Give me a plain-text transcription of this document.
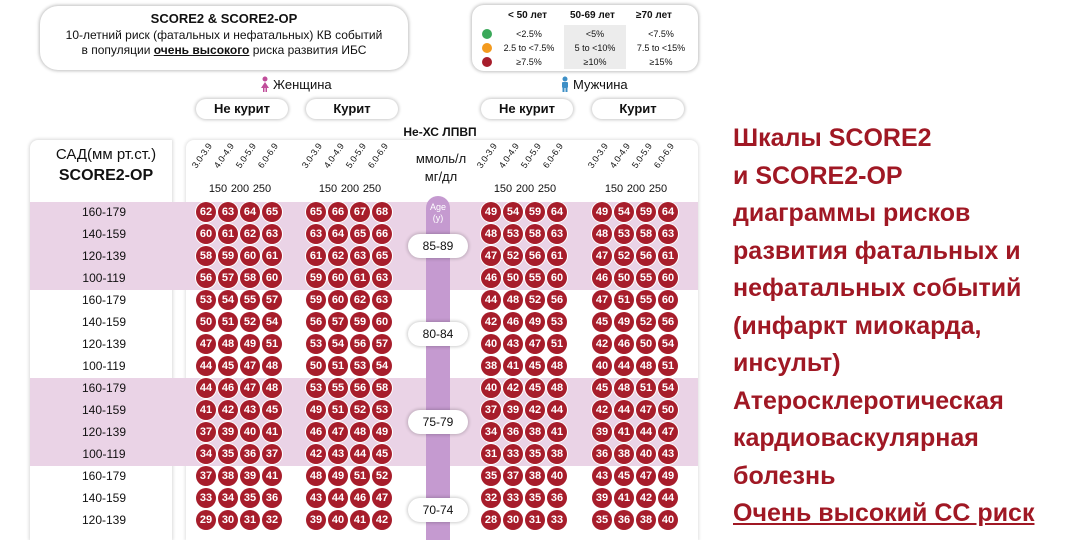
SCORE2 & SCORE2-OP
10-летний риск (фатальных и нефатальных) КВ событий
в популяции очень высокого риска развития ИБС
< 50 лет 50-69 лет ≥70 лет
<2.5%	<5%	<7.5%
2.5 to <7.5%	5 to <10%	7.5 to <15%
≥7.5%	≥10%	≥15%
Женщина	Мужчина
Не курит	Курит	Не курит	Курит
Не-ХС ЛПВП
Age (y)
САД(мм рт.ст.)
SCORE2-OP
ммоль/л
мг/дл
3.0-3.9
4.0-4.9
5.0-5.9
6.0-6.9
150 200 250
3.0-3.9
4.0-4.9
5.0-5.9
6.0-6.9
150 200 250
3.0-3.9
4.0-4.9
5.0-5.9
6.0-6.9
150 200 250
3.0-3.9
4.0-4.9
5.0-5.9
6.0-6.9
150 200 250
160-179	62 63 64 65	65 66 67 68	49 54 59 64	49 54 59 64
140-159	60 61 62 63	63 64 65 66	48 53 58 63	48 53 58 63
120-139	58 59 60 61	61 62 63 65	47 52 56 61	47 52 56 61
100-119	56 57 58 60	59 60 61 63	46 50 55 60	46 50 55 60
85-89
160-179	53 54 55 57	59 60 62 63	44 48 52 56	47 51 55 60
140-159	50 51 52 54	56 57 59 60	42 46 49 53	45 49 52 56
120-139	47 48 49 51	53 54 56 57	40 43 47 51	42 46 50 54
100-119	44 45 47 48	50 51 53 54	38 41 45 48	40 44 48 51
80-84
160-179	44 46 47 48	53 55 56 58	40 42 45 48	45 48 51 54
140-159	41 42 43 45	49 51 52 53	37 39 42 44	42 44 47 50
120-139	37 39 40 41	46 47 48 49	34 36 38 41	39 41 44 47
100-119	34 35 36 37	42 43 44 45	31 33 35 38	36 38 40 43
75-79
160-179	37 38 39 41	48 49 51 52	35 37 38 40	43 45 47 49
140-159	33 34 35 36	43 44 46 47	32 33 35 36	39 41 42 44
120-139	29 30 31 32	39 40 41 42	28 30 31 33	35 36 38 40
70-74
Шкалы SCORE2
и SCORE2-OP
диаграммы рисков
развития фатальных и
нефатальных событий
(инфаркт миокарда,
инсульт)
Атеросклеротическая
кардиоваскулярная
болезнь
Очень высокий СС риск
